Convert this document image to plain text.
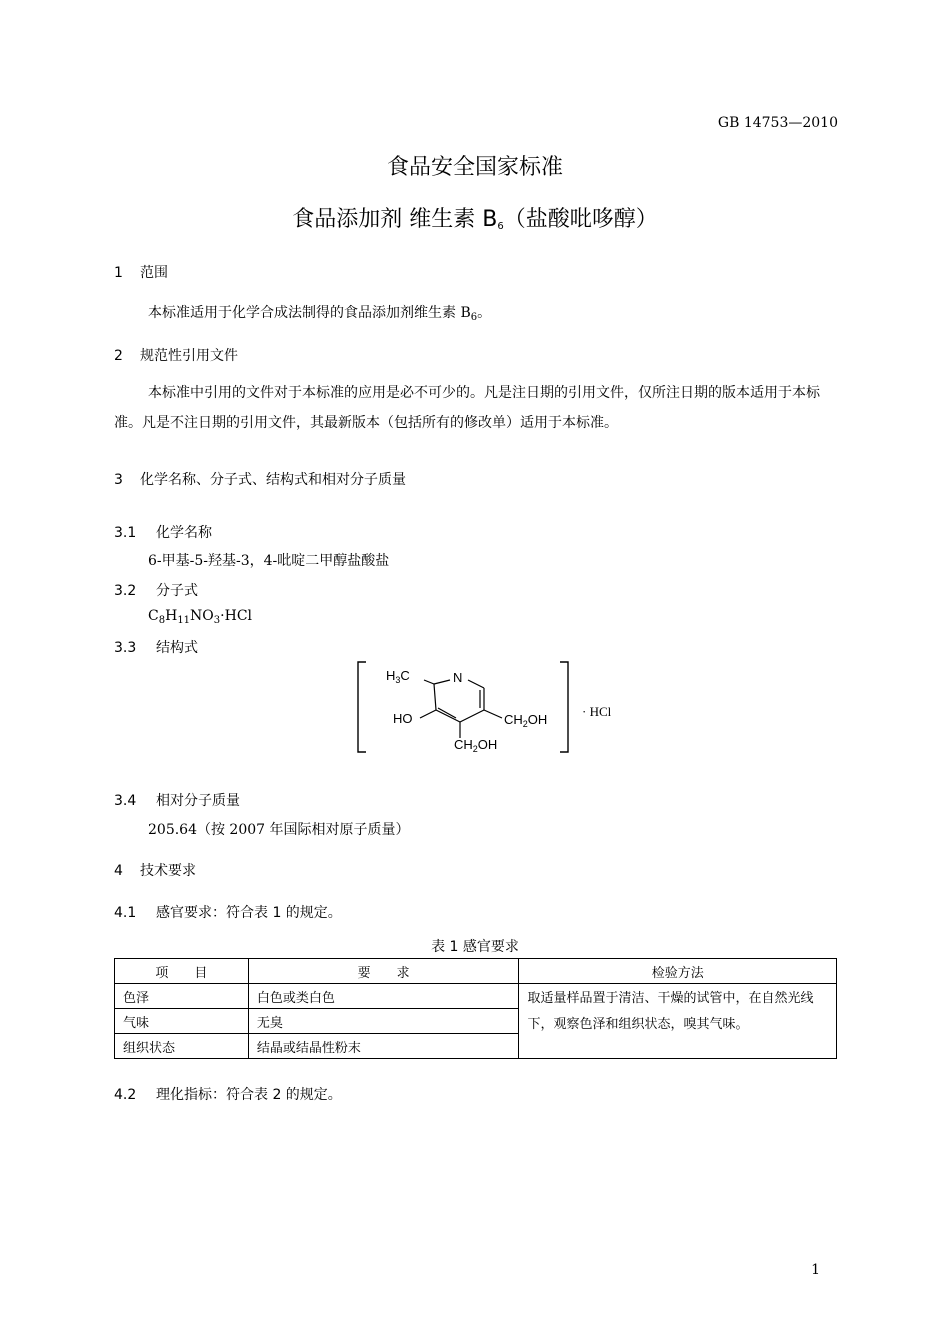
GB 14753—2010
食品安全国家标准
食品添加剂 维生素 $B_6$（盐酸吡哆醇）
1 范围
本标准适用于化学合成法制得的食品添加剂维生素 $B_6$。
2 规范性引用文件
本标准中引用的文件对于本标准的应用是必不可少的。凡是注日期的引用文件，仅所注日期的版本适用于本标准。凡是不注日期的引用文件，其最新版本（包括所有的修改单）适用于本标准。
3 化学名称、分子式、结构式和相对分子质量
3.1 化学名称
6-甲基-5-羟基-3，4-吡啶二甲醇盐酸盐
3.2 分子式
$C_8H_{11}NO_3\cdot HCl$
3.3 结构式
$H_3C$	N
HO	$CH_2OH$
$CH_2OH$
· HCl
3.4 相对分子质量
205.64（按 2007 年国际相对原子质量）
4 技术要求
4.1 感官要求：符合表 1 的规定。
表 1 感官要求
项　　目	要　　求	检验方法
色泽	白色或类白色	取适量样品置于清洁、干燥的试管中，在自然光线下，观察色泽和组织状态，嗅其气味。
气味	无臭	
组织状态	结晶或结晶性粉末	
4.2 理化指标：符合表 2 的规定。
1
